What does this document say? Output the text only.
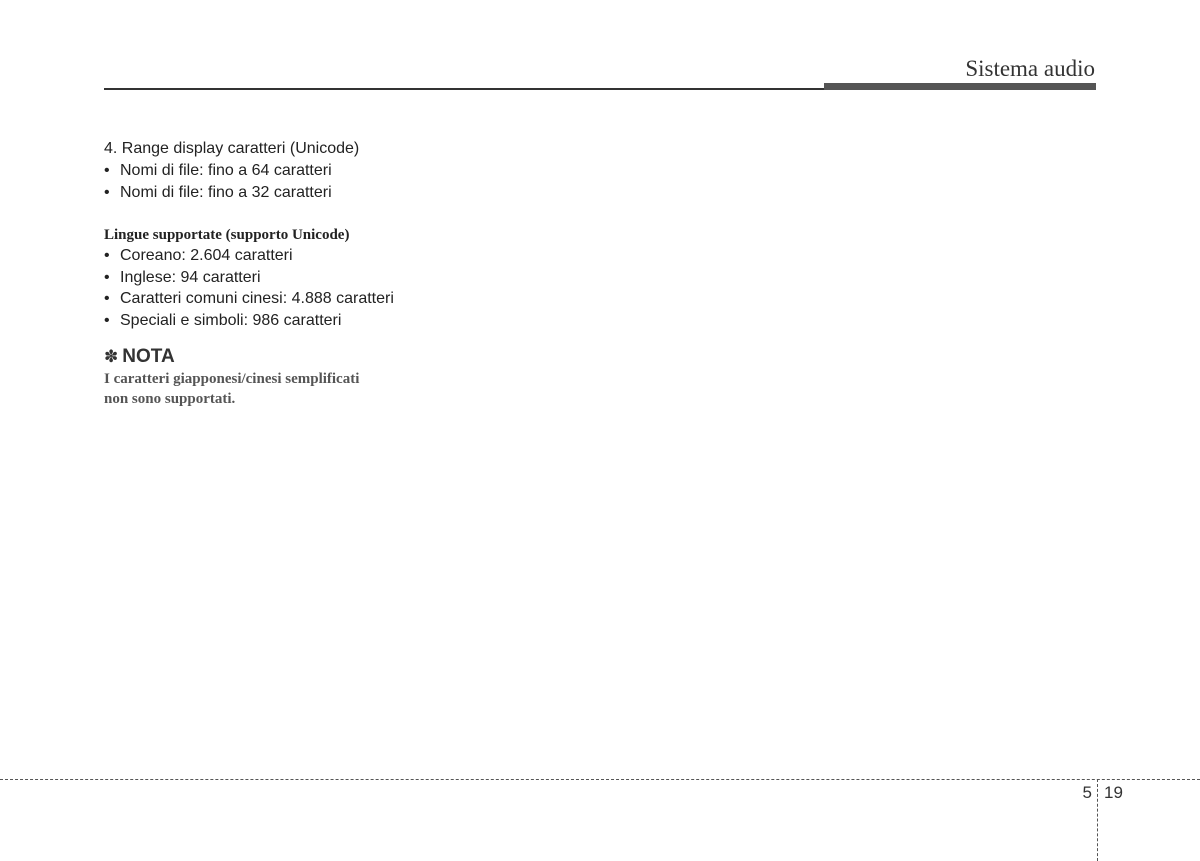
Sistema audio

4. Range display caratteri (Unicode)

• Nomi di file: fino a 64 caratteri
• Nomi di file: fino a 32 caratteri

Lingue supportate (supporto Unicode)

• Coreano: 2.604 caratteri
• Inglese: 94 caratteri
• Caratteri comuni cinesi: 4.888 caratteri
• Speciali e simboli: 986 caratteri

✽ NOTA

I caratteri giapponesi/cinesi semplificati

non sono supportati.

5 19
